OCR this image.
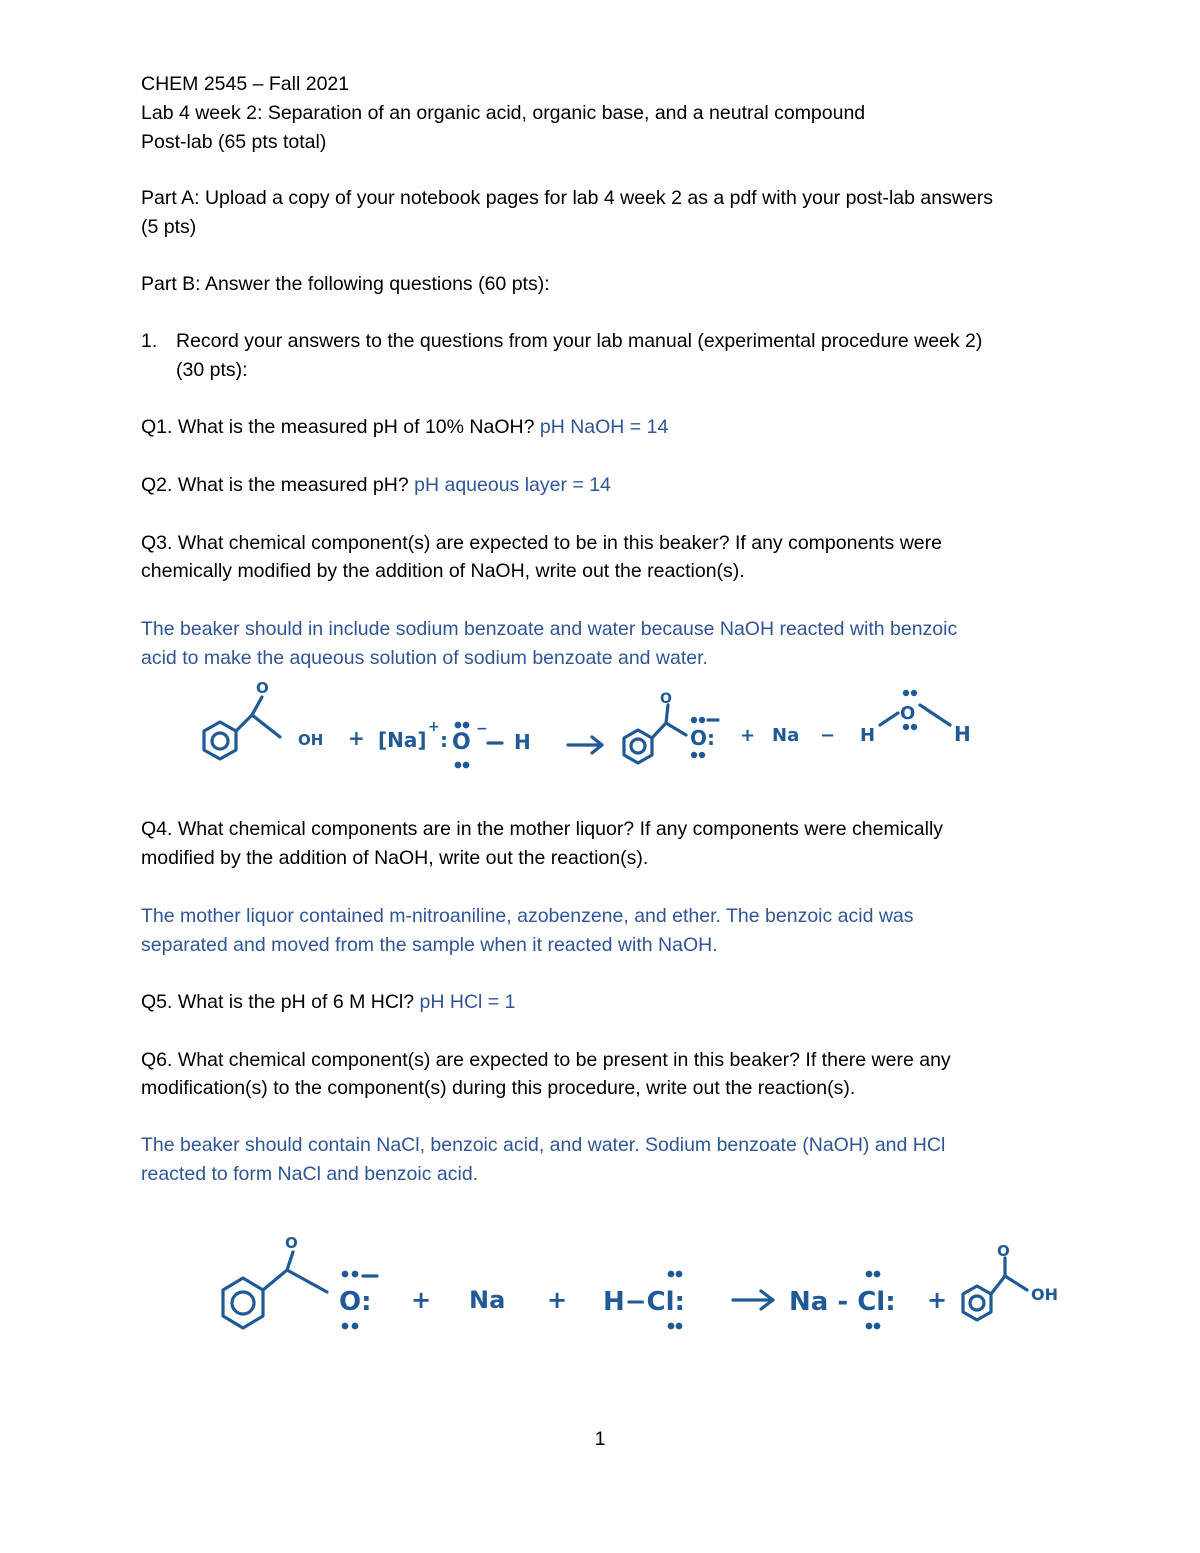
CHEM 2545 – Fall 2021
Lab 4 week 2: Separation of an organic acid, organic base, and a neutral compound
Post-lab (65 pts total)
Part A: Upload a copy of your notebook pages for lab 4 week 2 as a pdf with your post-lab answers
(5 pts)
Part B: Answer the following questions (60 pts):
1. Record your answers to the questions from your lab manual (experimental procedure week 2)
(30 pts):
Q1. What is the measured pH of 10% NaOH? pH NaOH = 14
Q2. What is the measured pH? pH aqueous layer = 14
Q3. What chemical component(s) are expected to be in this beaker? If any components were
chemically modified by the addition of NaOH, write out the reaction(s).
The beaker should in include sodium benzoate and water because NaOH reacted with benzoic
acid to make the aqueous solution of sodium benzoate and water.
O
OH + [Na]
+
: O
−
H
O
O: + Na − H
O
H
Q4. What chemical components are in the mother liquor? If any components were chemically
modified by the addition of NaOH, write out the reaction(s).
The mother liquor contained m-nitroaniline, azobenzene, and ether. The benzoic acid was
separated and moved from the sample when it reacted with NaOH.
Q5. What is the pH of 6 M HCl? pH HCl = 1
Q6. What chemical component(s) are expected to be present in this beaker? If there were any
modification(s) to the component(s) during this procedure, write out the reaction(s).
The beaker should contain NaCl, benzoic acid, and water. Sodium benzoate (NaOH) and HCl
reacted to form NaCl and benzoic acid.
O
O: + Na + H−Cl:	Na - Cl: +
O
OH
1
